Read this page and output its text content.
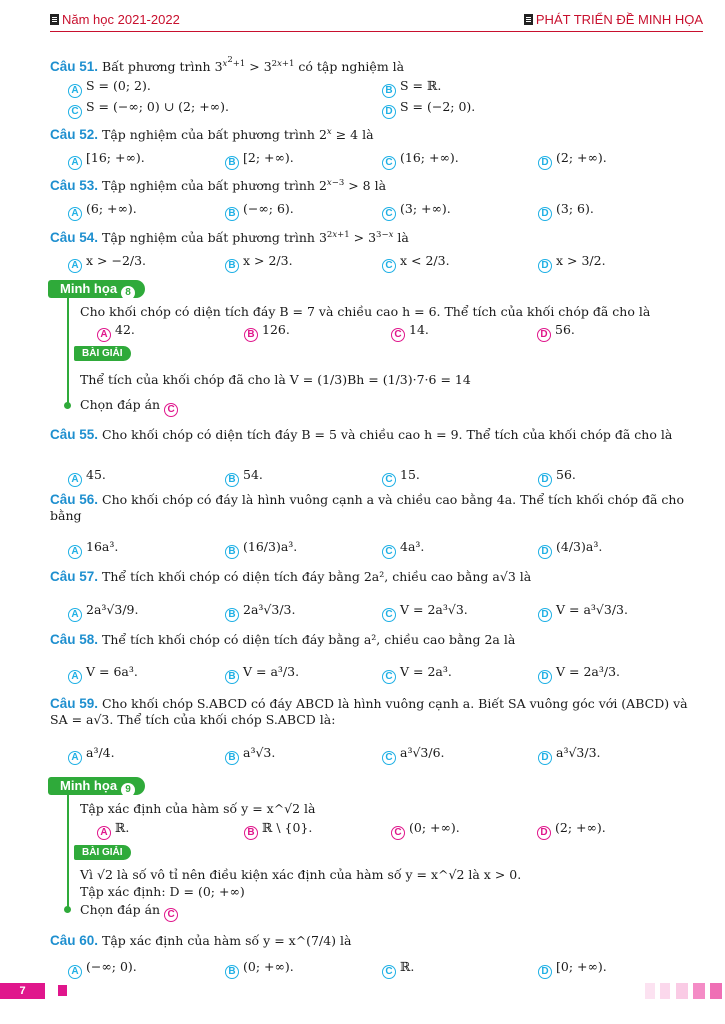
Năm học 2021-2022	PHÁT TRIỂN ĐỀ MINH HỌA
Câu 51. Bất phương trình $3^{x^2+1} > 3^{2x+1}$ có tập nghiệm là
A S = (0; 2).	B S = ℝ.
C S = (−∞; 0) ∪ (2; +∞).	D S = (−2; 0).
Câu 52. Tập nghiệm của bất phương trình $2^x \ge 4$ là
A [16; +∞).	B [2; +∞).	C (16; +∞).	D (2; +∞).
Câu 53. Tập nghiệm của bất phương trình $2^{x-3} > 8$ là
A (6; +∞).	B (−∞; 6).	C (3; +∞).	D (3; 6).
Câu 54. Tập nghiệm của bất phương trình $3^{2x+1} > 3^{3-x}$ là
A x > −2/3.	B x > 2/3.	C x < 2/3.	D x > 3/2.
Minh họa 8
Cho khối chóp có diện tích đáy B = 7 và chiều cao h = 6. Thể tích của khối chóp đã cho là
A 42.	B 126.	C 14.	D 56.
BÀI GIẢI
Thể tích của khối chóp đã cho là V = (1/3)Bh = (1/3)·7·6 = 14
Chọn đáp án C
Câu 55. Cho khối chóp có diện tích đáy B = 5 và chiều cao h = 9. Thể tích của khối chóp đã cho là
A 45.	B 54.	C 15.	D 56.
Câu 56. Cho khối chóp có đáy là hình vuông cạnh a và chiều cao bằng 4a. Thể tích khối chóp đã cho bằng
A 16a³.	B (16/3)a³.	C 4a³.	D (4/3)a³.
Câu 57. Thể tích khối chóp có diện tích đáy bằng 2a², chiều cao bằng a√3 là
A 2a³√3/9.	B 2a³√3/3.	C V = 2a³√3.	D V = a³√3/3.
Câu 58. Thể tích khối chóp có diện tích đáy bằng a², chiều cao bằng 2a là
A V = 6a³.	B V = a³/3.	C V = 2a³.	D V = 2a³/3.
Câu 59. Cho khối chóp S.ABCD có đáy ABCD là hình vuông cạnh a. Biết SA vuông góc với (ABCD) và SA = a√3. Thể tích của khối chóp S.ABCD là:
A a³/4.	B a³√3.	C a³√3/6.	D a³√3/3.
Minh họa 9
Tập xác định của hàm số y = x^√2 là
A ℝ.	B ℝ \ {0}.	C (0; +∞).	D (2; +∞).
BÀI GIẢI
Vì √2 là số vô tỉ nên điều kiện xác định của hàm số y = x^√2 là x > 0.
Tập xác định: D = (0; +∞)
Chọn đáp án C
Câu 60. Tập xác định của hàm số y = x^(7/4) là
A (−∞; 0).	B (0; +∞).	C ℝ.	D [0; +∞).
7
